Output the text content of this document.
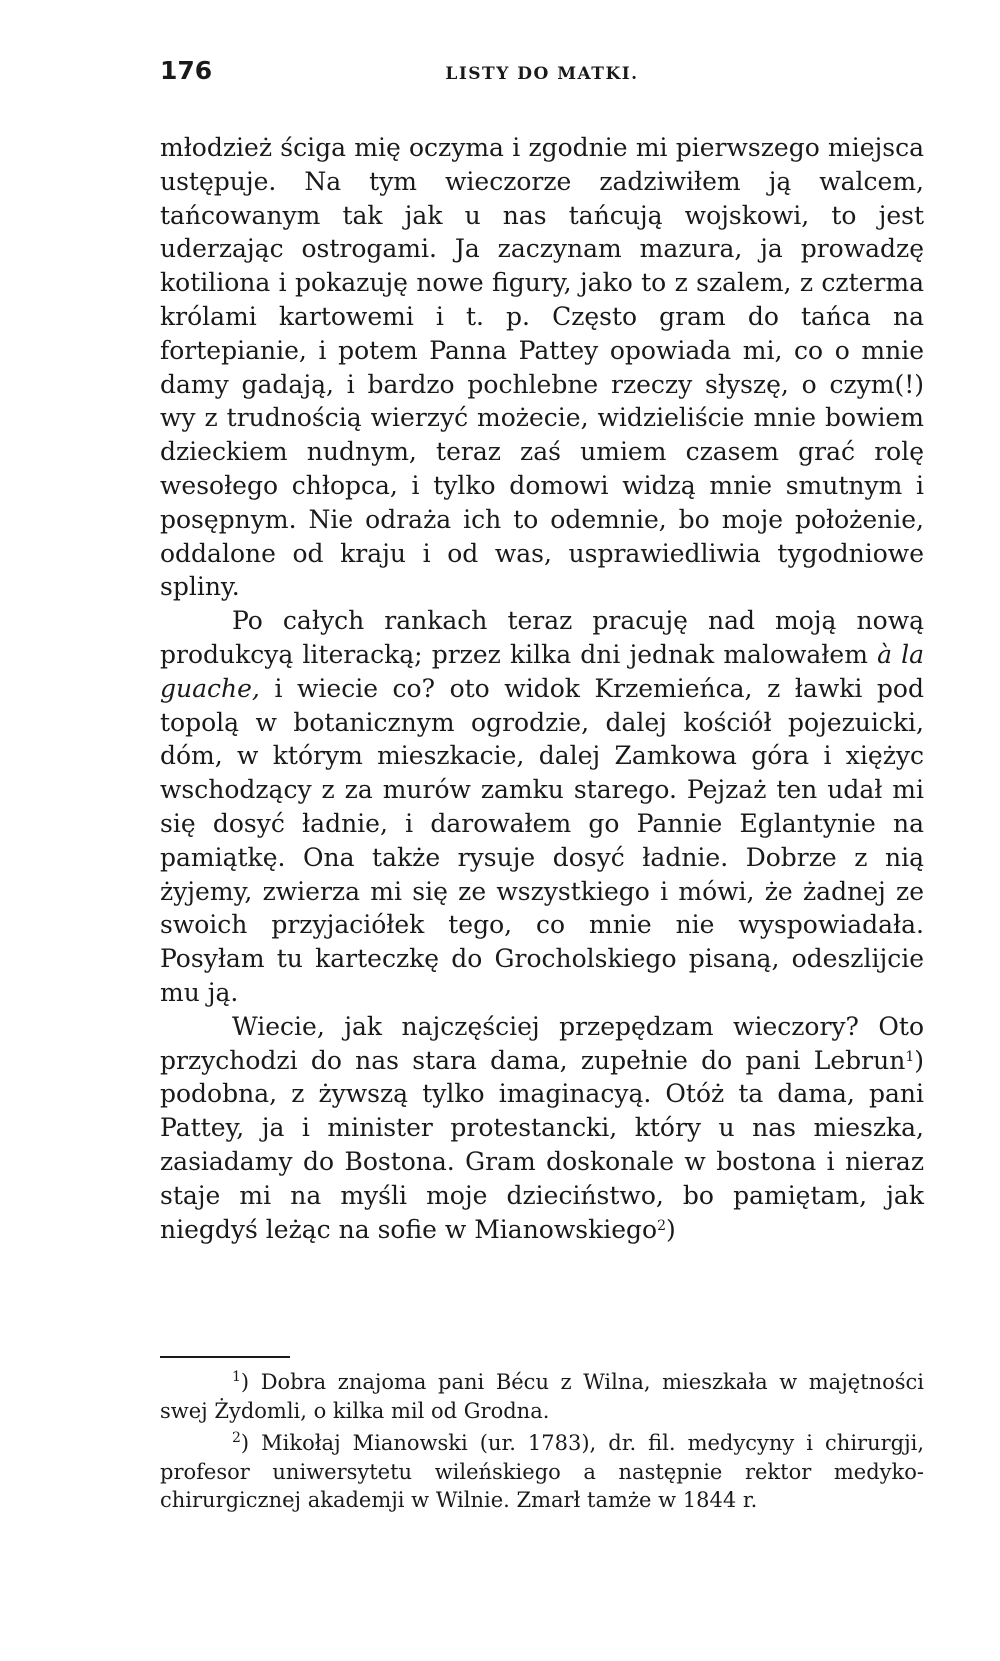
176	LISTY DO MATKI.

młodzież ściga mię oczyma i zgodnie mi pierwszego miejsca ustępuje. Na tym wieczorze zadziwiłem ją walcem, tańcowanym tak jak u nas tańcują wojskowi, to jest uderzając ostrogami. Ja zaczynam mazura, ja prowadzę kotiliona i pokazuję nowe figury, jako to z szalem, z czterma królami kartowemi i t. p. Często gram do tańca na fortepianie, i potem Panna Pattey opowiada mi, co o mnie damy gadają, i bardzo pochlebne rzeczy słyszę, o czym(!) wy z trudnością wierzyć możecie, widzieliście mnie bowiem dzieckiem nudnym, teraz zaś umiem czasem grać rolę wesołego chłopca, i tylko domowi widzą mnie smutnym i posępnym. Nie odraża ich to odemnie, bo moje położenie, oddalone od kraju i od was, usprawiedliwia tygodniowe spliny.

Po całych rankach teraz pracuję nad moją nową produkcyą literacką; przez kilka dni jednak malowałem à la guache, i wiecie co? oto widok Krzemieńca, z ławki pod topolą w botanicznym ogrodzie, dalej kościół pojezuicki, dóm, w którym mieszkacie, dalej Zamkowa góra i xiężyc wschodzący z za murów zamku starego. Pejzaż ten udał mi się dosyć ładnie, i darowałem go Pannie Eglantynie na pamiątkę. Ona także rysuje dosyć ładnie. Dobrze z nią żyjemy, zwierza mi się ze wszystkiego i mówi, że żadnej ze swoich przyjaciółek tego, co mnie nie wyspowiadała. Posyłam tu karteczkę do Grocholskiego pisaną, odeszlijcie mu ją.

Wiecie, jak najczęściej przepędzam wieczory? Oto przychodzi do nas stara dama, zupełnie do pani Lebrun$^1$) podobna, z żywszą tylko imaginacyą. Otóż ta dama, pani Pattey, ja i minister protestancki, który u nas mieszka, zasiadamy do Bostona. Gram doskonale w bostona i nieraz staje mi na myśli moje dzieciństwo, bo pamiętam, jak niegdyś leżąc na sofie w Mianowskiego$^2$)

$^1$) Dobra znajoma pani Bécu z Wilna, mieszkała w majętności swej Żydomli, o kilka mil od Grodna.

$^2$) Mikołaj Mianowski (ur. 1783), dr. fil. medycyny i chirurgji, profesor uniwersytetu wileńskiego a następnie rektor medyko-chirurgicznej akademji w Wilnie. Zmarł tamże w 1844 r.
